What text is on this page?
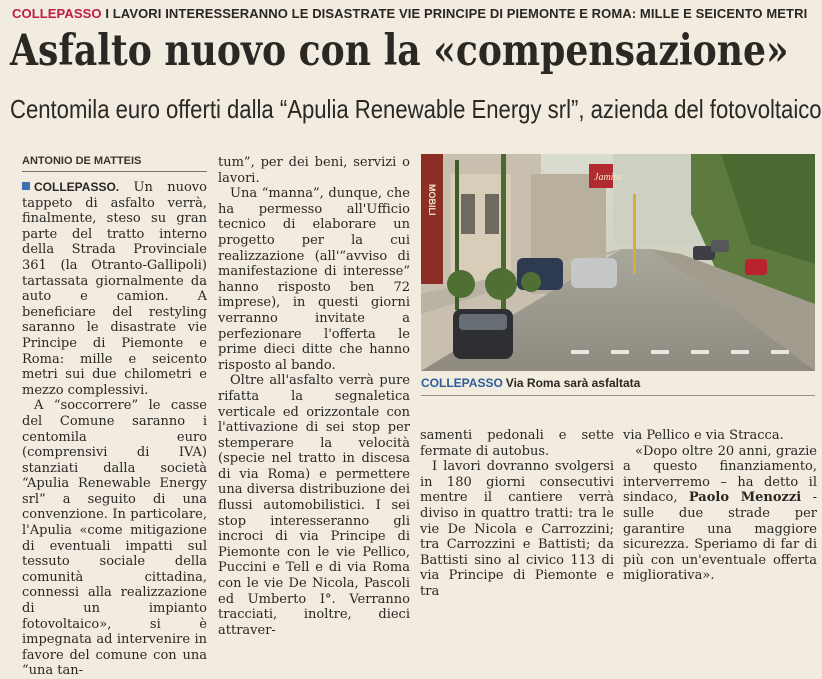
COLLEPASSO I LAVORI INTERESSERANNO LE DISASTRATE VIE PRINCIPE DI PIEMONTE E ROMA: MILLE E SEICENTO METRI
Asfalto nuovo con la «compensazione»
Centomila euro offerti dalla “Apulia Renewable Energy srl”, azienda del fotovoltaico
ANTONIO DE MATTEIS

COLLEPASSO. Un nuovo tappeto di asfalto verrà, finalmente, steso su gran parte del tratto interno della Strada Provinciale 361 (la Otranto-Gallipoli) tartassata giornalmente da auto e camion. A beneficiare del restyling saranno le disastrate vie Principe di Piemonte e Roma: mille e seicento metri sui due chilometri e mezzo complessivi.

A “soccorrere” le casse del Comune saranno i centomila euro (comprensivi di IVA) stanziati dalla società “Apulia Renewable Energy srl” a seguito di una convenzione. In particolare, l'Apulia «come mitigazione di eventuali impatti sul tessuto sociale della comunità cittadina, connessi alla realizzazione di un impianto fotovoltaico», si è impegnata ad intervenire in favore del comune con una “una tan-

tum”, per dei beni, servizi o lavori.

Una “manna”, dunque, che ha permesso all'Ufficio tecnico di elaborare un progetto per la cui realizzazione (all'“avviso di manifestazione di interesse” hanno risposto ben 72 imprese), in questi giorni verranno invitate a perfezionare l'offerta le prime dieci ditte che hanno risposto al bando.

Oltre all'asfalto verrà pure rifatta la segnaletica verticale ed orizzontale con l'attivazione di sei stop per stemperare la velocità (specie nel tratto in discesa di via Roma) e permettere una diversa distribuzione dei flussi automobilistici. I sei stop interesseranno gli incroci di via Principe di Piemonte con le vie Pellico, Puccini e Tell e di via Roma con le vie De Nicola, Pascoli ed Umberto I°. Verranno tracciati, inoltre, dieci attraver-

MOBILI
Jamito
COLLEPASSO Via Roma sarà asfaltata

samenti pedonali e sette fermate di autobus.

I lavori dovranno svolgersi in 180 giorni consecutivi mentre il cantiere verrà diviso in quattro tratti: tra le vie De Nicola e Carrozzini; tra Carrozzini e Battisti; da Battisti sino al civico 113 di via Principe di Piemonte e tra

via Pellico e via Stracca.

«Dopo oltre 20 anni, grazie a questo finanziamento, interverremo – ha detto il sindaco, Paolo Menozzi - sulle due strade per garantire una maggiore sicurezza. Speriamo di far di più con un'eventuale offerta migliorativa».
